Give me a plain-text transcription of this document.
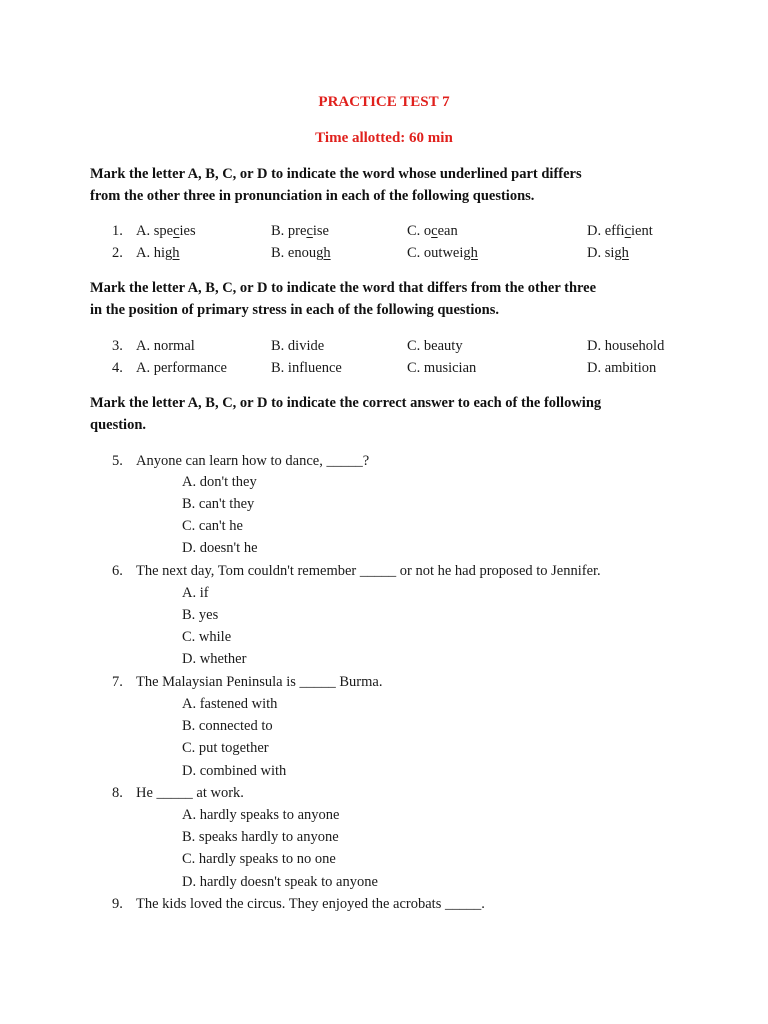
PRACTICE TEST 7
Time allotted: 60 min
Mark the letter A, B, C, or D to indicate the word whose underlined part differs
from the other three in pronunciation in each of the following questions.
1. A. species	B. precise	C. ocean	D. efficient
2. A. high	B. enough	C. outweigh	D. sigh
Mark the letter A, B, C, or D to indicate the word that differs from the other three
in the position of primary stress in each of the following questions.
3. A. normal	B. divide	C. beauty	D. household
4. A. performance	B. influence	C. musician	D. ambition
Mark the letter A, B, C, or D to indicate the correct answer to each of the following
question.
5. Anyone can learn how to dance, _____?
A. don't they
B. can't they
C. can't he
D. doesn't he
6. The next day, Tom couldn't remember _____ or not he had proposed to Jennifer.
A. if
B. yes
C. while
D. whether
7. The Malaysian Peninsula is _____ Burma.
A. fastened with
B. connected to
C. put together
D. combined with
8. He _____ at work.
A. hardly speaks to anyone
B. speaks hardly to anyone
C. hardly speaks to no one
D. hardly doesn't speak to anyone
9. The kids loved the circus. They enjoyed the acrobats _____.
